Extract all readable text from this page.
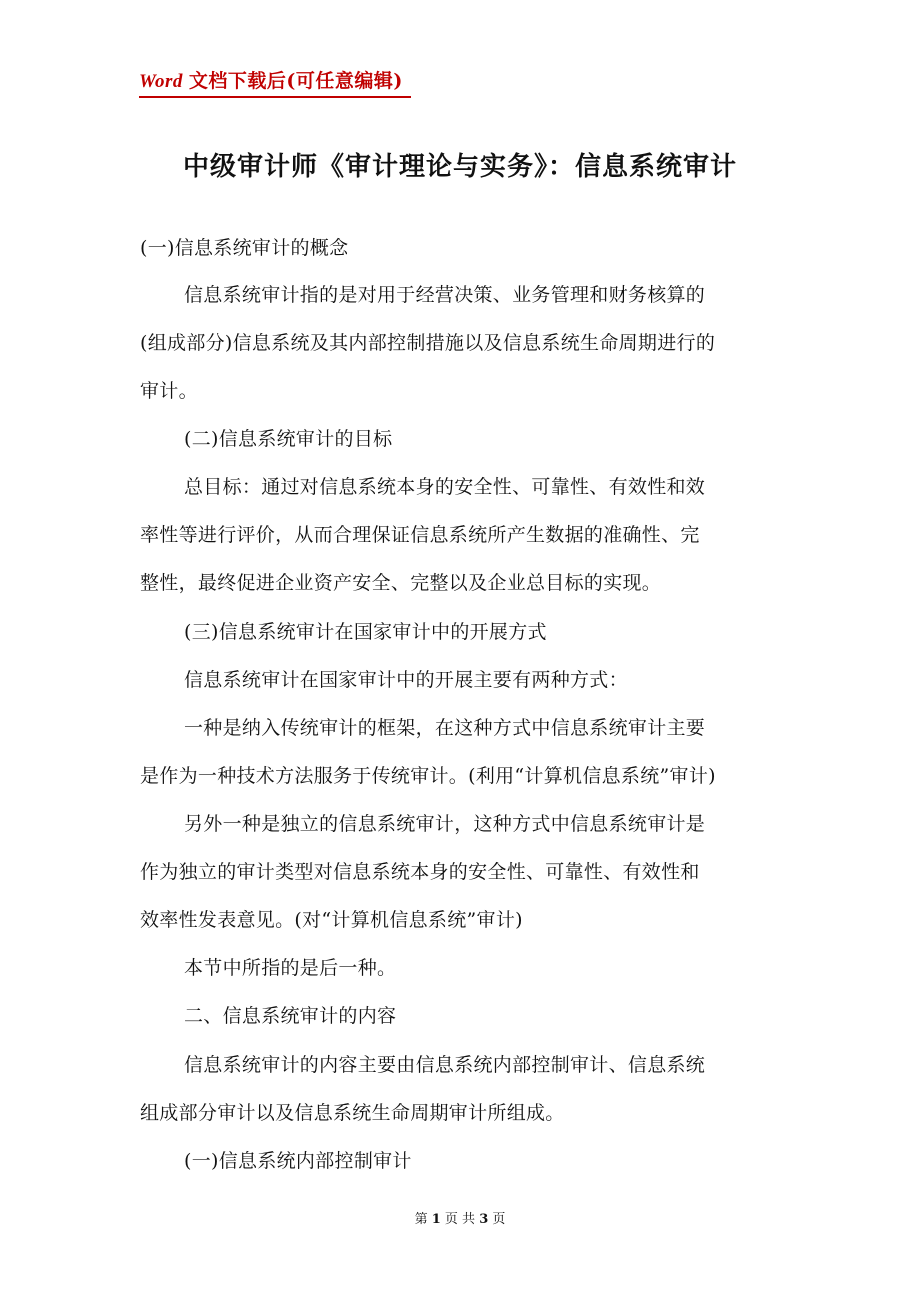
Word 文档下载后(可任意编辑)
中级审计师《审计理论与实务》：信息系统审计
(一)信息系统审计的概念
信息系统审计指的是对用于经营决策、业务管理和财务核算的
(组成部分)信息系统及其内部控制措施以及信息系统生命周期进行的
审计。
(二)信息系统审计的目标
总目标：通过对信息系统本身的安全性、可靠性、有效性和效
率性等进行评价，从而合理保证信息系统所产生数据的准确性、完
整性，最终促进企业资产安全、完整以及企业总目标的实现。
(三)信息系统审计在国家审计中的开展方式
信息系统审计在国家审计中的开展主要有两种方式：
一种是纳入传统审计的框架，在这种方式中信息系统审计主要
是作为一种技术方法服务于传统审计。(利用“计算机信息系统”审计)
另外一种是独立的信息系统审计，这种方式中信息系统审计是
作为独立的审计类型对信息系统本身的安全性、可靠性、有效性和
效率性发表意见。(对“计算机信息系统”审计)
本节中所指的是后一种。
二、信息系统审计的内容
信息系统审计的内容主要由信息系统内部控制审计、信息系统
组成部分审计以及信息系统生命周期审计所组成。
(一)信息系统内部控制审计
第 1 页 共 3 页
